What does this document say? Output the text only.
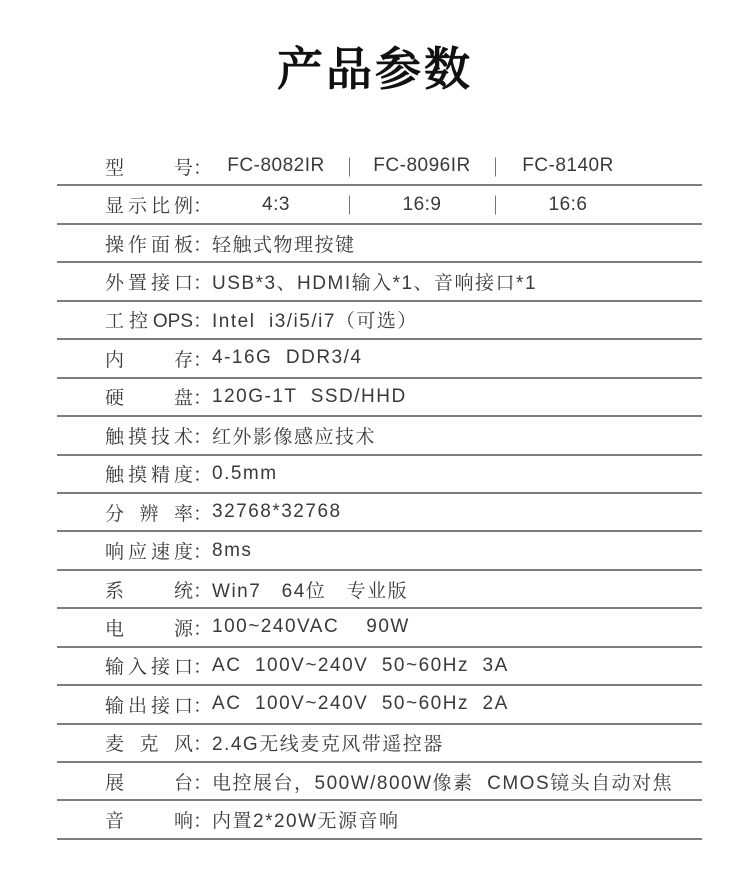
产品参数
型号 ： FC-8082IR ｜ FC-8096IR ｜ FC-8140R
显示比例 ：	4:3	｜	16:9	｜	16:6
操作面板 ： 轻触式物理按键
外置接口 ： USB*3、HDMI输入*1、音响接口*1
工控OPS ： Intel  i3/i5/i7（可选）
内存 ： 4-16G  DDR3/4
硬盘 ： 120G-1T  SSD/HHD
触摸技术 ： 红外影像感应技术
触摸精度 ： 0.5mm
分辨率 ： 32768*32768
响应速度 ： 8ms
系统 ： Win7   64位   专业版
电源 ： 100~240VAC    90W
输入接口 ： AC  100V~240V  50~60Hz  3A
输出接口 ： AC  100V~240V  50~60Hz  2A
麦克风 ： 2.4G无线麦克风带遥控器
展台 ： 电控展台，500W/800W像素  CMOS镜头自动对焦
音响 ： 内置2*20W无源音响
